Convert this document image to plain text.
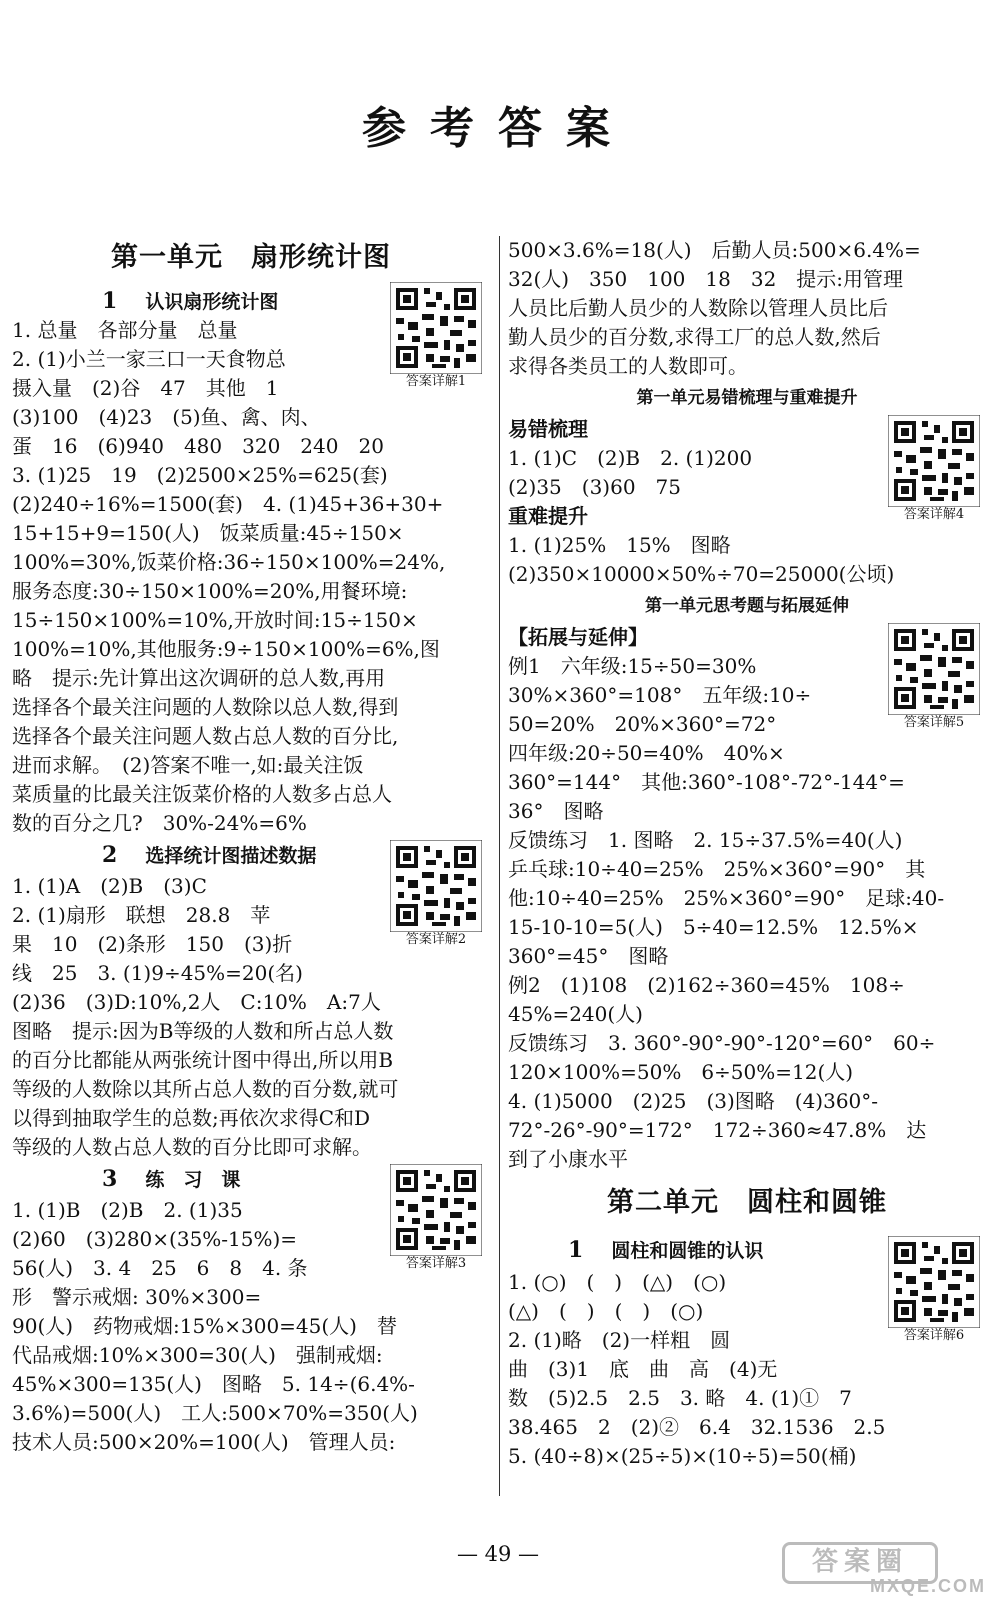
参考答案
第一单元　扇形统计图
1 认识扇形统计图
答案详解1
1. 总量　各部分量　总量
2. (1)小兰一家三口一天食物总
摄入量　(2)谷　47　其他　1
(3)100　(4)23　(5)鱼、禽、肉、
蛋　16　(6)940　480　320　240　20
3. (1)25　19　(2)2500×25%=625(套)
(2)240÷16%=1500(套)　4. (1)45+36+30+
15+15+9=150(人)　饭菜质量:45÷150×
100%=30%,饭菜价格:36÷150×100%=24%,
服务态度:30÷150×100%=20%,用餐环境:
15÷150×100%=10%,开放时间:15÷150×
100%=10%,其他服务:9÷150×100%=6%,图
略　提示:先计算出这次调研的总人数,再用
选择各个最关注问题的人数除以总人数,得到
选择各个最关注问题人数占总人数的百分比,
进而求解。　(2)答案不唯一,如:最关注饭
菜质量的比最关注饭菜价格的人数多占总人
数的百分之几?　30%-24%=6%
2 选择统计图描述数据
答案详解2
1. (1)A　(2)B　(3)C
2. (1)扇形　联想　28.8　苹
果　10　(2)条形　150　(3)折
线　25　3. (1)9÷45%=20(名)
(2)36　(3)D:10%,2人　C:10%　A:7人
图略　提示:因为B等级的人数和所占总人数
的百分比都能从两张统计图中得出,所以用B
等级的人数除以其所占总人数的百分数,就可
以得到抽取学生的总数;再依次求得C和D
等级的人数占总人数的百分比即可求解。
3 练　习　课
答案详解3
1. (1)B　(2)B　2. (1)35
(2)60　(3)280×(35%-15%)=
56(人)　3. 4　25　6　8　4. 条
形　警示戒烟: 30%×300=
90(人)　药物戒烟:15%×300=45(人)　替
代品戒烟:10%×300=30(人)　强制戒烟:
45%×300=135(人)　图略　5. 14÷(6.4%-
3.6%)=500(人)　工人:500×70%=350(人)
技术人员:500×20%=100(人)　管理人员:
500×3.6%=18(人)　后勤人员:500×6.4%=
32(人)　350　100　18　32　提示:用管理
人员比后勤人员少的人数除以管理人员比后
勤人员少的百分数,求得工厂的总人数,然后
求得各类员工的人数即可。
第一单元易错梳理与重难提升
答案详解4
易错梳理
1. (1)C　(2)B　2. (1)200
(2)35　(3)60　75
重难提升
1. (1)25%　15%　图略
(2)350×10000×50%÷70=25000(公顷)
第一单元思考题与拓展延伸
答案详解5
【拓展与延伸】
例1　六年级:15÷50=30%
30%×360°=108°　五年级:10÷
50=20%　20%×360°=72°
四年级:20÷50=40%　40%×
360°=144°　其他:360°-108°-72°-144°=
36°　图略
反馈练习　1. 图略　2. 15÷37.5%=40(人)
乒乓球:10÷40=25%　25%×360°=90°　其
他:10÷40=25%　25%×360°=90°　足球:40-
15-10-10=5(人)　5÷40=12.5%　12.5%×
360°=45°　图略
例2　(1)108　(2)162÷360=45%　108÷
45%=240(人)
反馈练习　3. 360°-90°-90°-120°=60°　60÷
120×100%=50%　6÷50%=12(人)
4. (1)5000　(2)25　(3)图略　(4)360°-
72°-26°-90°=172°　172÷360≈47.8%　达
到了小康水平
第二单元　圆柱和圆锥
1 圆柱和圆锥的认识
答案详解6
1. (○)　(　)　(△)　(○)
(△)　(　)　(　)　(○)
2. (1)略　(2)一样粗　圆
曲　(3)1　底　曲　高　(4)无
数　(5)2.5　2.5　3. 略　4. (1)①　7
38.465　2　(2)②　6.4　32.1536　2.5
5. (40÷8)×(25÷5)×(10÷5)=50(桶)
— 49 —	答案圈
MXQE.COM
